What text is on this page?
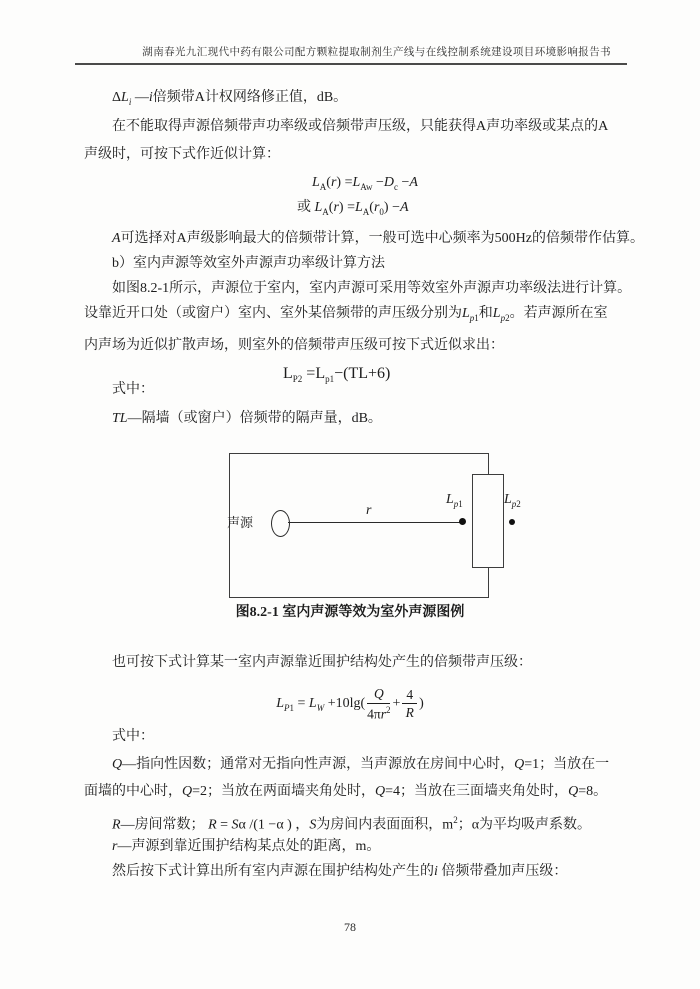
湖南春光九汇现代中药有限公司配方颗粒提取制剂生产线与在线控制系统建设项目环境影响报告书
$\Delta L_i$ —i倍频带A计权网络修正值，dB。
在不能取得声源倍频带声功率级或倍频带声压级，只能获得A声功率级或某点的A
声级时，可按下式作近似计算：
$L_A(r) =L_{Aw} -D_c -A$
或 $L_A(r) =L_A(r_0) -A$
A可选择对A声级影响最大的倍频带计算，一般可选中心频率为500Hz的倍频带作估算。
b）室内声源等效室外声源声功率级计算方法
如图8.2-1所示，声源位于室内，室内声源可采用等效室外声源声功率级法进行计算。
设靠近开口处（或窗户）室内、室外某倍频带的声压级分别为$L_{p1}$和$L_{p2}$。若声源所在室
内声场为近似扩散声场，则室外的倍频带声压级可按下式近似求出：
$L_{P2} =L_{p1}-(TL+6)$
式中：
TL—隔墙（或窗户）倍频带的隔声量，dB。
声源
r
$L_{p1}$	$L_{p2}$
图8.2-1 室内声源等效为室外声源图例
也可按下式计算某一室内声源靠近围护结构处产生的倍频带声压级：
$L_{P1} = L_W +10\lg( \frac{Q}{4\pi r^2} + \frac{4}{R}$ )
式中：
Q—指向性因数；通常对无指向性声源，当声源放在房间中心时，Q=1；当放在一
面墙的中心时，Q=2；当放在两面墙夹角处时，Q=4；当放在三面墙夹角处时，Q=8。
R—房间常数； R = Sα /(1 −α ) ，S为房间内表面面积，$m^2$；α为平均吸声系数。
r—声源到靠近围护结构某点处的距离，m。
然后按下式计算出所有室内声源在围护结构处产生的i 倍频带叠加声压级：
78
